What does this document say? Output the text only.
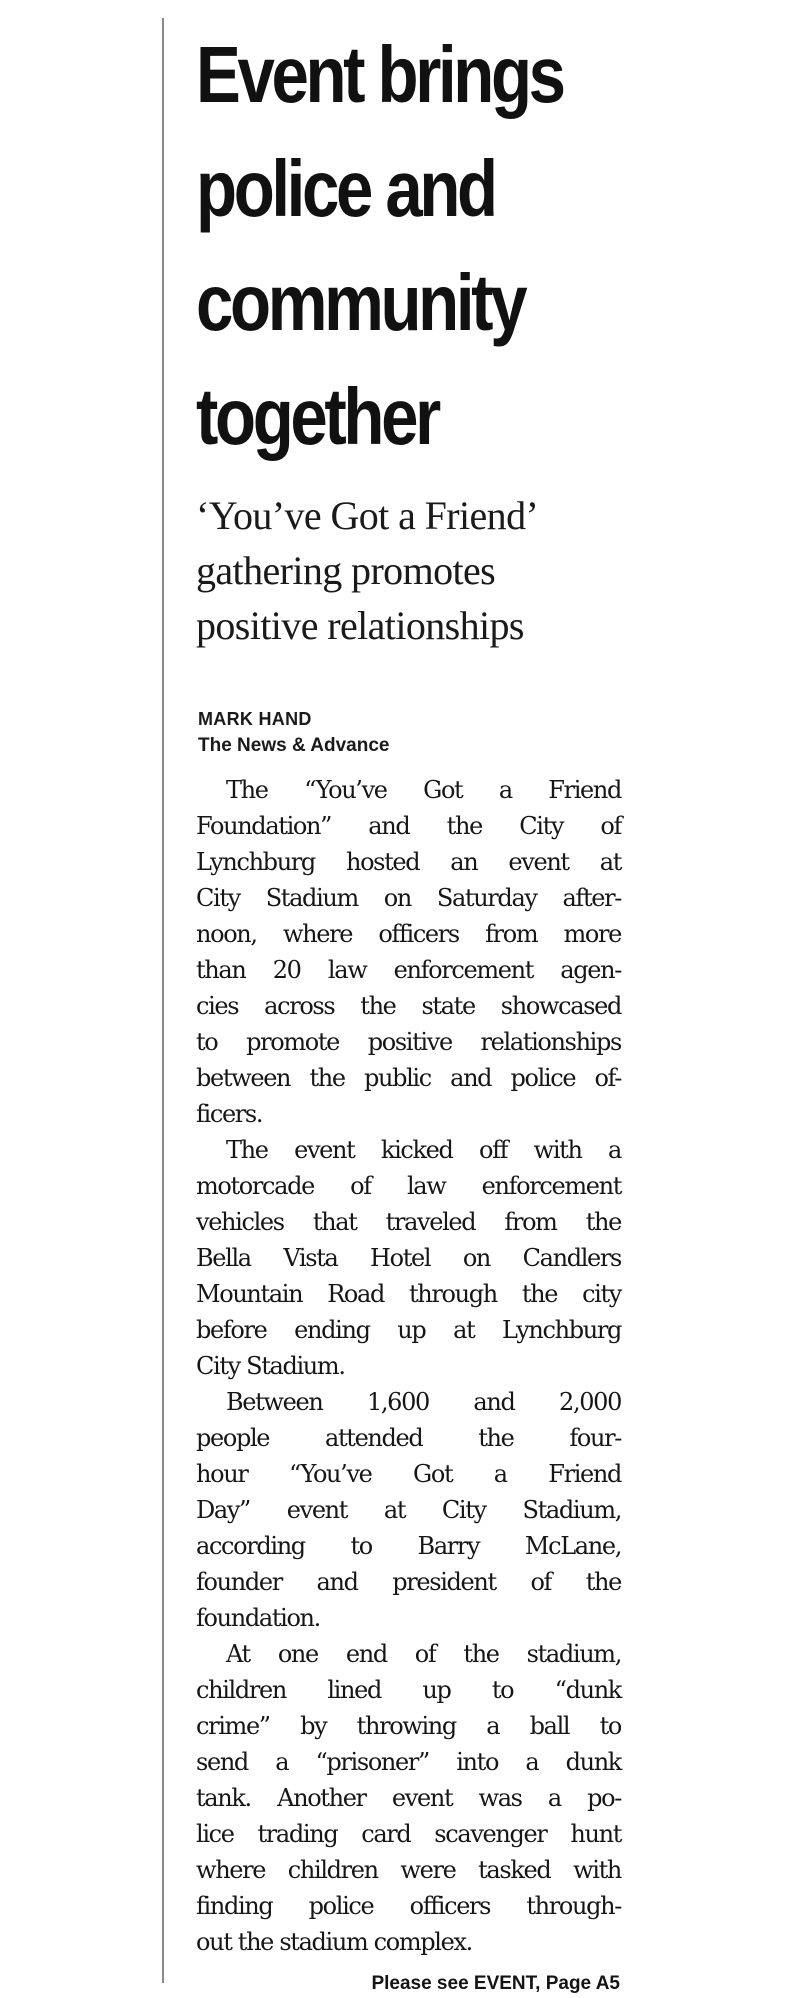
Event brings
police and
community
together
‘You’ve Got a Friend’
gathering promotes
positive relationships
MARK HAND
The News & Advance

The “You’ve Got a Friend
Foundation” and the City of
Lynchburg hosted an event at
City Stadium on Saturday after-
noon, where officers from more
than 20 law enforcement agen-
cies across the state showcased
to promote positive relationships
between the public and police of-
ficers.

The event kicked off with a
motorcade of law enforcement
vehicles that traveled from the
Bella Vista Hotel on Candlers
Mountain Road through the city
before ending up at Lynchburg
City Stadium.

Between 1,600 and 2,000
people attended the four-
hour “You’ve Got a Friend
Day” event at City Stadium,
according to Barry McLane,
founder and president of the
foundation.

At one end of the stadium,
children lined up to “dunk
crime” by throwing a ball to
send a “prisoner” into a dunk
tank. Another event was a po-
lice trading card scavenger hunt
where children were tasked with
finding police officers through-
out the stadium complex.

Please see EVENT, Page A5
